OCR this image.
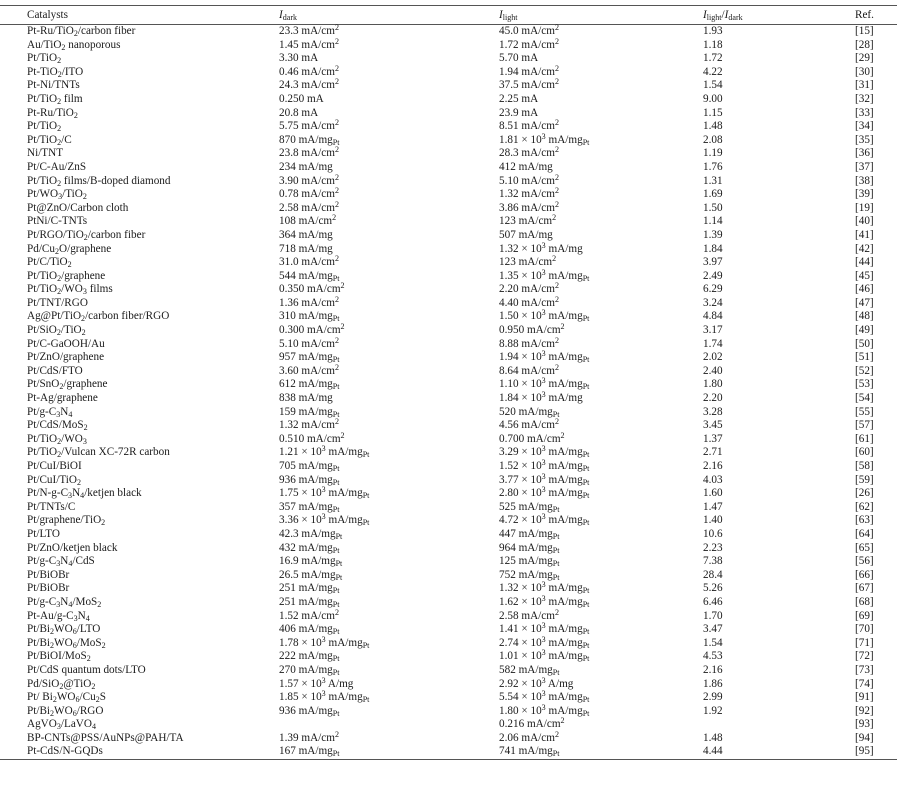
Catalysts	$I_{dark}$	$I_{light}$	$I_{light}/I_{dark}$	Ref.
Pt-Ru/TiO$_2$/carbon fiber	23.3 $mA/cm^2$	45.0 $mA/cm^2$	1.93	[15]
Au/TiO$_2$ nanoporous	1.45 $mA/cm^2$	1.72 $mA/cm^2$	1.18	[28]
Pt/TiO$_2$	3.30 mA	5.70 mA	1.72	[29]
Pt-TiO$_2$/ITO	0.46 $mA/cm^2$	1.94 $mA/cm^2$	4.22	[30]
Pt-Ni/TNTs	24.3 $mA/cm^2$	37.5 $mA/cm^2$	1.54	[31]
Pt/TiO$_2$ film	0.250 mA	2.25 mA	9.00	[32]
Pt-Ru/TiO$_2$	20.8 mA	23.9 mA	1.15	[33]
Pt/TiO$_2$	5.75 $mA/cm^2$	8.51 $mA/cm^2$	1.48	[34]
Pt/TiO$_2$/C	870 $mA/mg_{Pt}$	$1.81 \times 10^3$ $mA/mg_{Pt}$	2.08	[35]
Ni/TNT	23.8 $mA/cm^2$	28.3 $mA/cm^2$	1.19	[36]
Pt/C-Au/ZnS	234 mA/mg	412 mA/mg	1.76	[37]
Pt/TiO$_2$ films/B-doped diamond	3.90 $mA/cm^2$	5.10 $mA/cm^2$	1.31	[38]
$Pt/WO_3/TiO_2$	0.78 $mA/cm^2$	1.32 $mA/cm^2$	1.69	[39]
Pt@ZnO/Carbon cloth	2.58 $mA/cm^2$	3.86 $mA/cm^2$	1.50	[19]
PtNi/C-TNTs	108 $mA/cm^2$	123 $mA/cm^2$	1.14	[40]
Pt/RGO/TiO$_2$/carbon fiber	364 mA/mg	507 mA/mg	1.39	[41]
$Pd/Cu_2O$/graphene	718 mA/mg	$1.32 \times 10^3$ mA/mg	1.84	[42]
Pt/C/TiO$_2$	31.0 $mA/cm^2$	123 $mA/cm^2$	3.97	[44]
Pt/TiO$_2$/graphene	544 $mA/mg_{Pt}$	$1.35 \times 10^3$ $mA/mg_{Pt}$	2.49	[45]
$Pt/TiO_2/WO_3$ films	0.350 $mA/cm^2$	2.20 $mA/cm^2$	6.29	[46]
Pt/TNT/RGO	1.36 $mA/cm^2$	4.40 $mA/cm^2$	3.24	[47]
Ag@Pt/TiO$_2$/carbon fiber/RGO	310 $mA/mg_{Pt}$	$1.50 \times 10^3$ $mA/mg_{Pt}$	4.84	[48]
Pt/SiO$_2$/TiO$_2$	0.300 $mA/cm^2$	0.950 $mA/cm^2$	3.17	[49]
Pt/C-GaOOH/Au	5.10 $mA/cm^2$	8.88 $mA/cm^2$	1.74	[50]
Pt/ZnO/graphene	957 $mA/mg_{Pt}$	$1.94 \times 10^3$ $mA/mg_{Pt}$	2.02	[51]
Pt/CdS/FTO	3.60 $mA/cm^2$	8.64 $mA/cm^2$	2.40	[52]
Pt/SnO$_2$/graphene	612 $mA/mg_{Pt}$	$1.10 \times 10^3$ $mA/mg_{Pt}$	1.80	[53]
Pt-Ag/graphene	838 mA/mg	$1.84 \times 10^3$ mA/mg	2.20	[54]
$Pt/g-C_3N_4$	159 $mA/mg_{Pt}$	520 $mA/mg_{Pt}$	3.28	[55]
Pt/CdS/MoS$_2$	1.32 $mA/cm^2$	4.56 $mA/cm^2$	3.45	[57]
$Pt/TiO_2/WO_3$	0.510 $mA/cm^2$	0.700 $mA/cm^2$	1.37	[61]
Pt/TiO$_2$/Vulcan XC-72R carbon	$1.21 \times 10^3$ $mA/mg_{Pt}$	$3.29 \times 10^3$ $mA/mg_{Pt}$	2.71	[60]
Pt/CuI/BiOI	705 $mA/mg_{Pt}$	$1.52 \times 10^3$ $mA/mg_{Pt}$	2.16	[58]
Pt/CuI/TiO$_2$	936 $mA/mg_{Pt}$	$3.77 \times 10^3$ $mA/mg_{Pt}$	4.03	[59]
$Pt/N-g-C_3N_4$/ketjen black	$1.75 \times 10^3$ $mA/mg_{Pt}$	$2.80 \times 10^3$ $mA/mg_{Pt}$	1.60	[26]
Pt/TNTs/C	357 $mA/mg_{Pt}$	525 $mA/mg_{Pt}$	1.47	[62]
Pt/graphene/TiO$_2$	$3.36 \times 10^3$ $mA/mg_{Pt}$	$4.72 \times 10^3$ $mA/mg_{Pt}$	1.40	[63]
Pt/LTO	42.3 $mA/mg_{Pt}$	447 $mA/mg_{Pt}$	10.6	[64]
Pt/ZnO/ketjen black	432 $mA/mg_{Pt}$	964 $mA/mg_{Pt}$	2.23	[65]
$Pt/g-C_3N_4$/CdS	16.9 $mA/mg_{Pt}$	125 $mA/mg_{Pt}$	7.38	[56]
Pt/BiOBr	26.5 $mA/mg_{Pt}$	752 $mA/mg_{Pt}$	28.4	[66]
Pt/BiOBr	251 $mA/mg_{Pt}$	$1.32 \times 10^3$ $mA/mg_{Pt}$	5.26	[67]
$Pt/g-C_3N_4/MoS_2$	251 $mA/mg_{Pt}$	$1.62 \times 10^3$ $mA/mg_{Pt}$	6.46	[68]
$Pt-Au/g-C_3N_4$	1.52 $mA/cm^2$	2.58 $mA/cm^2$	1.70	[69]
$Pt/Bi_2WO_6$/LTO	406 $mA/mg_{Pt}$	$1.41 \times 10^3$ $mA/mg_{Pt}$	3.47	[70]
$Pt/Bi_2WO_6/MoS_2$	$1.78 \times 10^3$ $mA/mg_{Pt}$	$2.74 \times 10^3$ $mA/mg_{Pt}$	1.54	[71]
Pt/BiOI/MoS$_2$	222 $mA/mg_{Pt}$	$1.01 \times 10^3$ $mA/mg_{Pt}$	4.53	[72]
Pt/CdS quantum dots/LTO	270 $mA/mg_{Pt}$	582 $mA/mg_{Pt}$	2.16	[73]
Pd/SiO$_2$@TiO$_2$	$1.57 \times 10^3$ A/mg	$2.92 \times 10^3$ A/mg	1.86	[74]
Pt/ $Bi_2WO_6/Cu_2S$	$1.85 \times 10^3$ $mA/mg_{Pt}$	$5.54 \times 10^3$ $mA/mg_{Pt}$	2.99	[91]
$Pt/Bi_2WO_6$/RGO	936 $mA/mg_{Pt}$	$1.80 \times 10^3$ $mA/mg_{Pt}$	1.92	[92]
AgVO$_3$/LaVO$_4$		0.216 $mA/cm^2$		[93]
BP-CNTs@PSS/AuNPs@PAH/TA	1.39 $mA/cm^2$	2.06 $mA/cm^2$	1.48	[94]
Pt-CdS/N-GQDs	167 $mA/mg_{Pt}$	741 $mA/mg_{Pt}$	4.44	[95]
